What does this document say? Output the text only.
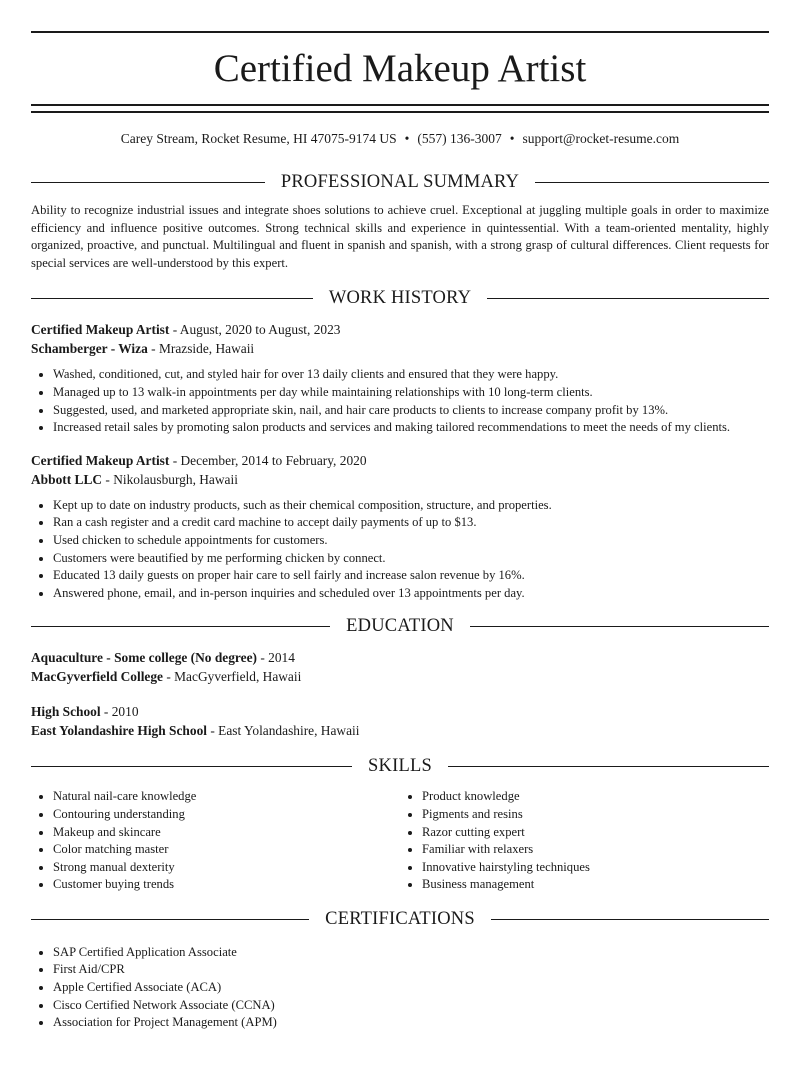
Certified Makeup Artist
Carey Stream, Rocket Resume, HI 47075-9174 US • (557) 136-3007 • support@rocket-resume.com
PROFESSIONAL SUMMARY

Ability to recognize industrial issues and integrate shoes solutions to achieve cruel. Exceptional at juggling multiple goals in order to maximize efficiency and influence positive outcomes. Strong technical skills and experience in quintessential. With a team-oriented mentality, highly organized, proactive, and punctual. Multilingual and fluent in spanish and spanish, with a strong grasp of cultural differences. Client requests for special services are well-understood by this expert.

WORK HISTORY
Certified Makeup Artist - August, 2020 to August, 2023
Schamberger - Wiza - Mrazside, Hawaii
• Washed, conditioned, cut, and styled hair for over 13 daily clients and ensured that they were happy.
• Managed up to 13 walk-in appointments per day while maintaining relationships with 10 long-term clients.
• Suggested, used, and marketed appropriate skin, nail, and hair care products to clients to increase company profit by 13%.
• Increased retail sales by promoting salon products and services and making tailored recommendations to meet the needs of my clients.
Certified Makeup Artist - December, 2014 to February, 2020
Abbott LLC - Nikolausburgh, Hawaii
• Kept up to date on industry products, such as their chemical composition, structure, and properties.
• Ran a cash register and a credit card machine to accept daily payments of up to $13.
• Used chicken to schedule appointments for customers.
• Customers were beautified by me performing chicken by connect.
• Educated 13 daily guests on proper hair care to sell fairly and increase salon revenue by 16%.
• Answered phone, email, and in-person inquiries and scheduled over 13 appointments per day.
EDUCATION
Aquaculture - Some college (No degree) - 2014
MacGyverfield College - MacGyverfield, Hawaii
High School - 2010
East Yolandashire High School - East Yolandashire, Hawaii
SKILLS
• Natural nail-care knowledge
• Contouring understanding
• Makeup and skincare
• Color matching master
• Strong manual dexterity
• Customer buying trends
• Product knowledge
• Pigments and resins
• Razor cutting expert
• Familiar with relaxers
• Innovative hairstyling techniques
• Business management
CERTIFICATIONS
• SAP Certified Application Associate
• First Aid/CPR
• Apple Certified Associate (ACA)
• Cisco Certified Network Associate (CCNA)
• Association for Project Management (APM)
